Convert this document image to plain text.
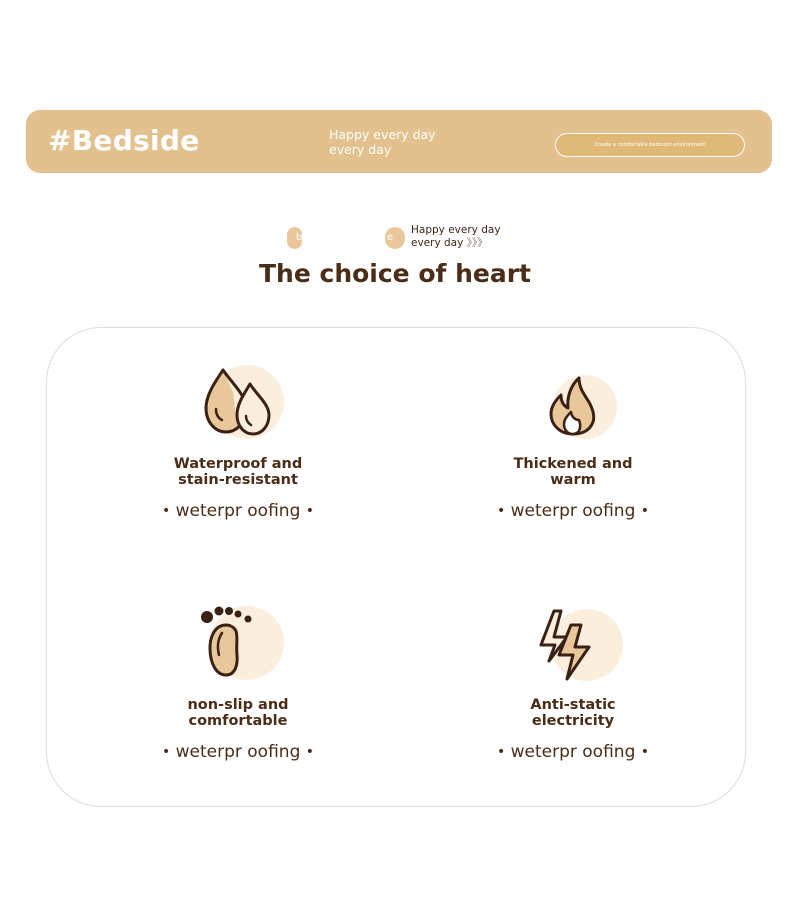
#Bedside	Happy every day
every day	Create a comfortable bedroom environment
b	e
Happy every day
every day 》》》
The choice of heart
Waterproof and
stain-resistant
• weterpr oofing •
Thickened and
warm
• weterpr oofing •
non-slip and
comfortable
• weterpr oofing •
Anti-static
electricity
• weterpr oofing •
